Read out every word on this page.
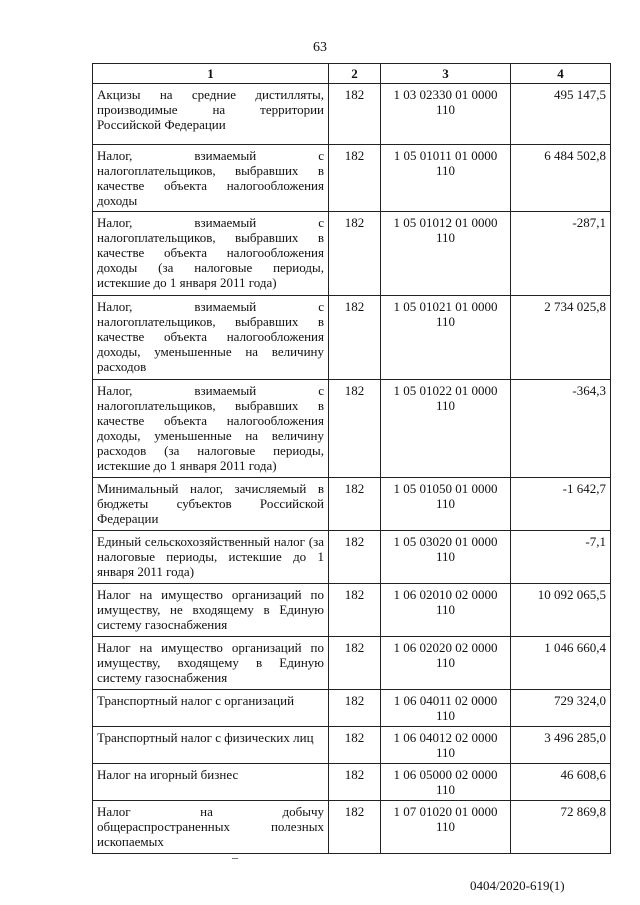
63
1	2	3	4
Акцизы на средние дистилляты, производимые на территории Российской Федерации	182	1 03 02330 01 0000 110	495 147,5
Налог, взимаемый с налогоплательщиков, выбравших в качестве объекта налогообложения доходы	182	1 05 01011 01 0000 110	6 484 502,8
Налог, взимаемый с налогоплательщиков, выбравших в качестве объекта налогообложения доходы (за налоговые периоды, истекшие до 1 января 2011 года)	182	1 05 01012 01 0000 110	-287,1
Налог, взимаемый с налогоплательщиков, выбравших в качестве объекта налогообложения доходы, уменьшенные на величину расходов	182	1 05 01021 01 0000 110	2 734 025,8
Налог, взимаемый с налогоплательщиков, выбравших в качестве объекта налогообложения доходы, уменьшенные на величину расходов (за налоговые периоды, истекшие до 1 января 2011 года)	182	1 05 01022 01 0000 110	-364,3
Минимальный налог, зачисляемый в бюджеты субъектов Российской Федерации	182	1 05 01050 01 0000 110	-1 642,7
Единый сельскохозяйственный налог (за налоговые периоды, истекшие до 1 января 2011 года)	182	1 05 03020 01 0000 110	-7,1
Налог на имущество организаций по имуществу, не входящему в Единую систему газоснабжения	182	1 06 02010 02 0000 110	10 092 065,5
Налог на имущество организаций по имуществу, входящему в Единую систему газоснабжения	182	1 06 02020 02 0000 110	1 046 660,4
Транспортный налог с организаций	182	1 06 04011 02 0000 110	729 324,0
Транспортный налог с физических лиц	182	1 06 04012 02 0000 110	3 496 285,0
Налог на игорный бизнес	182	1 06 05000 02 0000 110	46 608,6
Налог на добычу общераспространенных полезных ископаемых	182	1 07 01020 01 0000 110	72 869,8
0404/2020-619(1)
